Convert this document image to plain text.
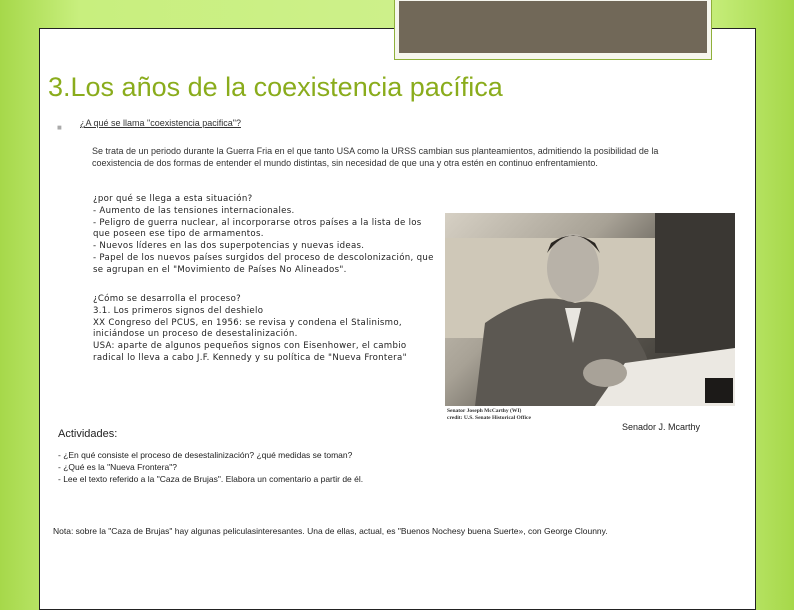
3.Los años de la coexistencia pacífica
■ ¿A qué se llama "coexistencia pacifica"?
Se trata de un periodo durante la Guerra Fria en el que tanto USA como la URSS cambian sus planteamientos, admitiendo la posibilidad de la coexistencia de dos formas de entender el mundo distintas, sin necesidad de que una y otra estén en continuo enfrentamiento.
¿por qué se llega a esta situación?
- Aumento de las tensiones internacionales.
- Peligro de guerra nuclear, al incorporarse otros países a la lista de los que poseen ese tipo de armamentos.
- Nuevos líderes en las dos superpotencias y nuevas ideas.
- Papel de los nuevos países surgidos del proceso de descolonización, que se agrupan en el "Movimiento de Países No Alineados".
¿Cómo se desarrolla el proceso?
3.1. Los primeros signos del deshielo
XX Congreso del PCUS, en 1956: se revisa y condena el Stalinismo, iniciándose un proceso de desestalinización.
USA: aparte de algunos pequeños signos con Eisenhower, el cambio radical lo lleva a cabo J.F. Kennedy y su política de "Nueva Frontera"
Senator Joseph McCarthy (WI)
credit: U.S. Senate Historical Office
Senador J. Mcarthy
Actividades:
- ¿En qué consiste el proceso de desestalinización? ¿qué medidas se toman?
- ¿Qué es la "Nueva Frontera"?
- Lee el texto referido a la "Caza de Brujas". Elabora un comentario a partir de él.
Nota: sobre la "Caza de Brujas" hay algunas peliculasinteresantes. Una de ellas, actual, es "Buenos Nochesy buena Suerte», con George Clounny.
